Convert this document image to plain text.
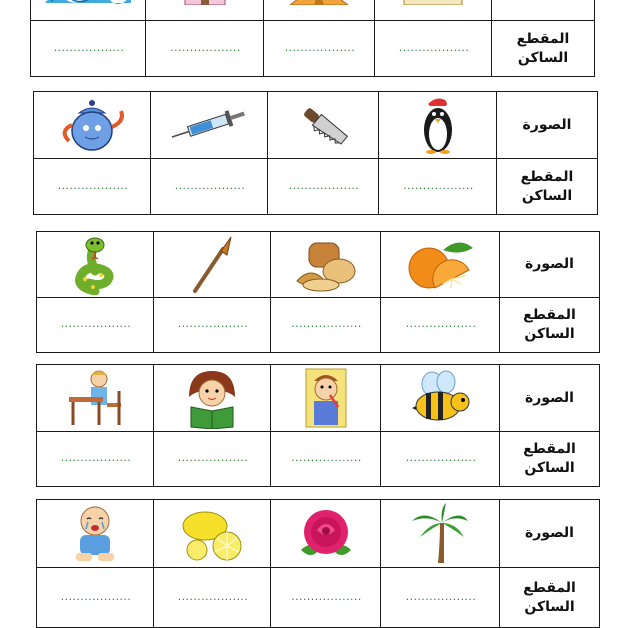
..................	..................	..................	..................	المقطع الساكن

	الصورة
..................	..................	..................	..................	المقطع الساكن

	الصورة
..................	..................	..................	..................	المقطع الساكن

	الصورة
..................	..................	..................	..................	المقطع الساكن

	الصورة
..................	..................	..................	..................	المقطع الساكن
